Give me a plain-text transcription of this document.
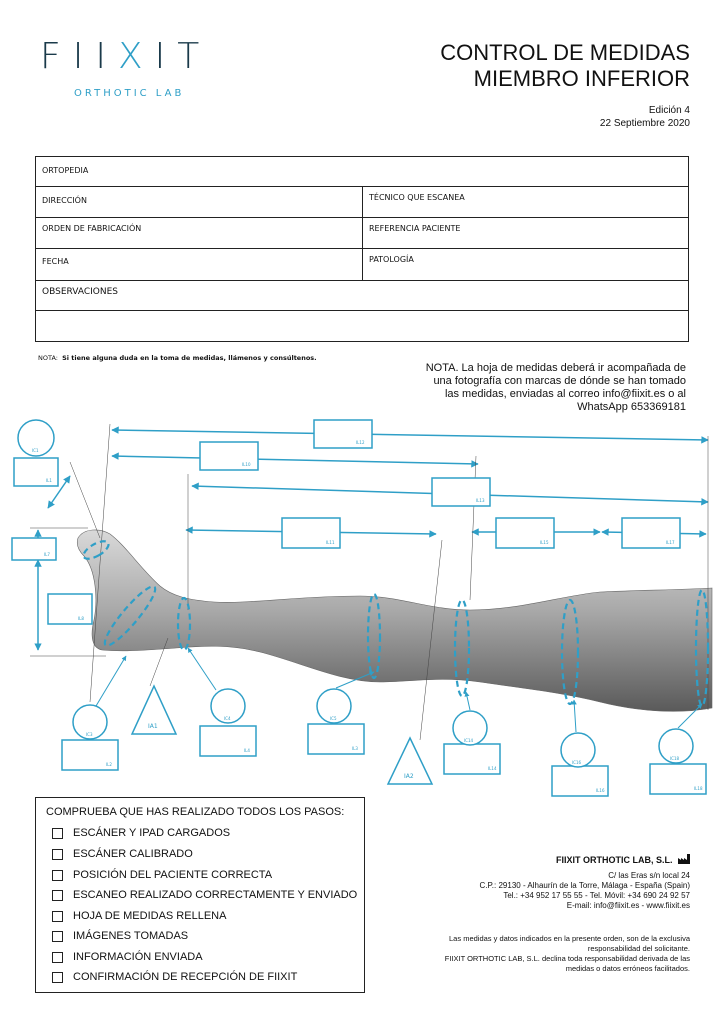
FIIXIT
ORTHOTIC LAB
CONTROL DE MEDIDAS
MIEMBRO INFERIOR
Edición 4
22 Septiembre 2020
ORTOPEDIA
DIRECCIÓN	TÉCNICO QUE ESCANEA
ORDEN DE FABRICACIÓN	REFERENCIA PACIENTE
FECHA	PATOLOGÍA
OBSERVACIONES
NOTA: Si tiene alguna duda en la toma de medidas, llámenos y consúltenos.
NOTA. La hoja de medidas deberá ir acompañada de
una fotografía con marcas de dónde se han tomado
las medidas, enviadas al correo info@fiixit.es o al
WhatsApp 653369181
IL12
IL10
IL13
IL11	IL15	IL17
IL1
IL7
IL8
IC1
IC3
IC4	IC5
IC14
IC16
IC18
IL2
IL4	IL3
IL14
IL16	IL18
IA1
IA2
COMPRUEBA QUE HAS REALIZADO TODOS LOS PASOS:
ESCÁNER Y IPAD CARGADOS
ESCÁNER CALIBRADO
POSICIÓN DEL PACIENTE CORRECTA
ESCANEO REALIZADO CORRECTAMENTE Y ENVIADO
HOJA DE MEDIDAS RELLENA
IMÁGENES TOMADAS
INFORMACIÓN ENVIADA
CONFIRMACIÓN DE RECEPCIÓN DE FIIXIT
FIIXIT ORTHOTIC LAB, S.L.
C/ las Eras s/n local 24
C.P.: 29130 - Alhaurín de la Torre, Málaga - España (Spain)
Tel.: +34 952 17 55 55 - Tel. Móvil: +34 690 24 92 57
E-mail: info@fiixit.es - www.fiixit.es
Las medidas y datos indicados en la presente orden, son de la exclusiva
responsabilidad del solicitante.
FIIXIT ORTHOTIC LAB, S.L. declina toda responsabilidad derivada de las
medidas o datos erróneos facilitados.
